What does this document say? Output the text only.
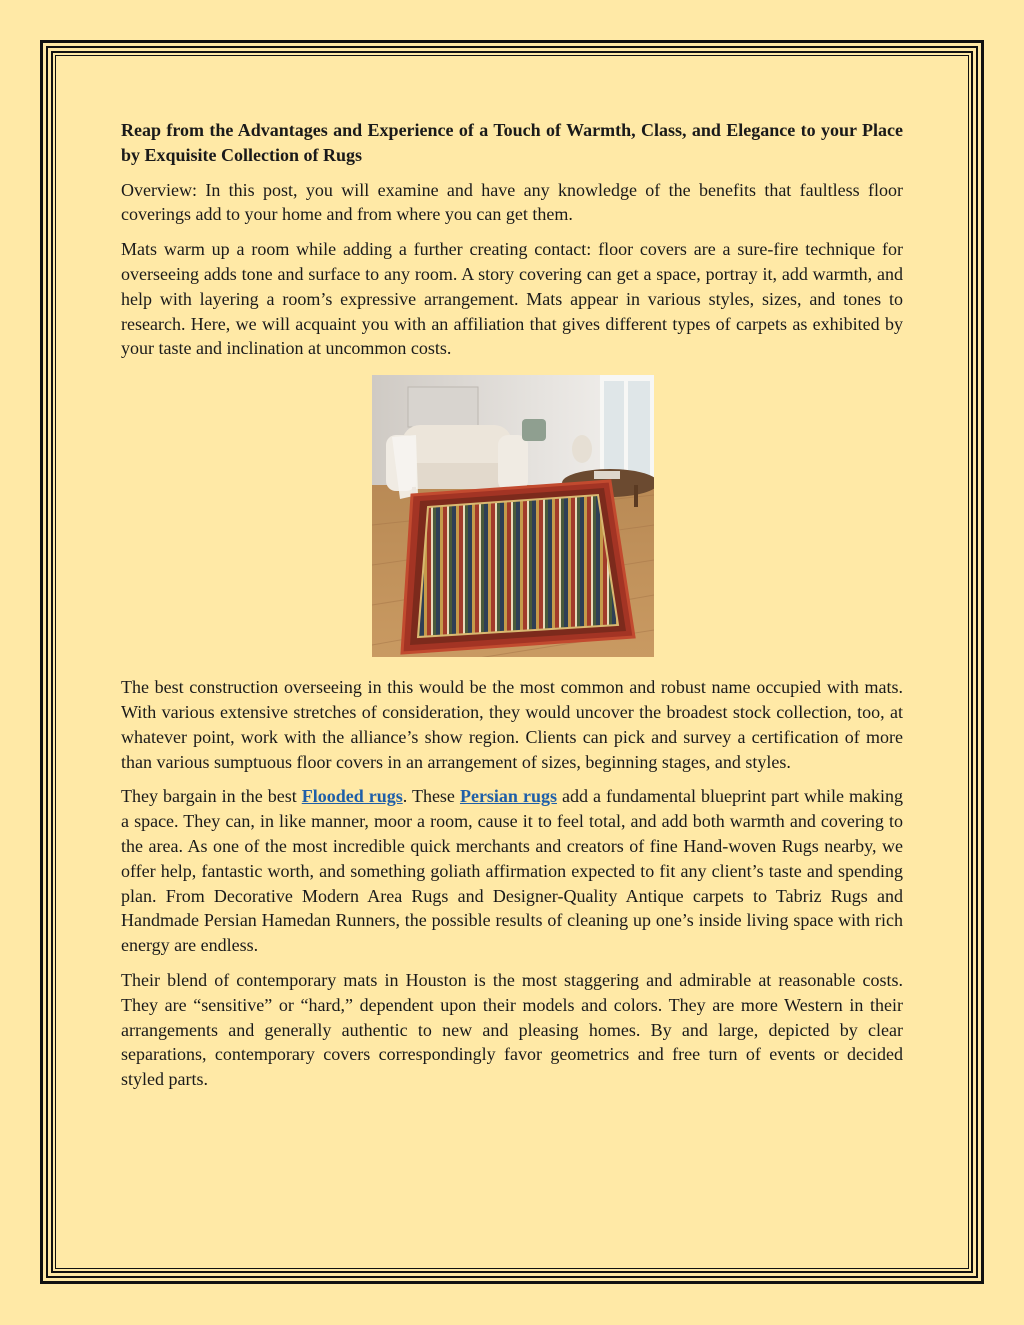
Reap from the Advantages and Experience of a Touch of Warmth, Class, and Elegance to your Place by Exquisite Collection of Rugs

Overview: In this post, you will examine and have any knowledge of the benefits that faultless floor coverings add to your home and from where you can get them.

Mats warm up a room while adding a further creating contact: floor covers are a sure-fire technique for overseeing adds tone and surface to any room. A story covering can get a space, portray it, add warmth, and help with layering a room’s expressive arrangement. Mats appear in various styles, sizes, and tones to research. Here, we will acquaint you with an affiliation that gives different types of carpets as exhibited by your taste and inclination at uncommon costs.

The best construction overseeing in this would be the most common and robust name occupied with mats. With various extensive stretches of consideration, they would uncover the broadest stock collection, too, at whatever point, work with the alliance’s show region. Clients can pick and survey a certification of more than various sumptuous floor covers in an arrangement of sizes, beginning stages, and styles.

They bargain in the best Flooded rugs. These Persian rugs add a fundamental blueprint part while making a space. They can, in like manner, moor a room, cause it to feel total, and add both warmth and covering to the area. As one of the most incredible quick merchants and creators of fine Hand-woven Rugs nearby, we offer help, fantastic worth, and something goliath affirmation expected to fit any client’s taste and spending plan. From Decorative Modern Area Rugs and Designer-Quality Antique carpets to Tabriz Rugs and Handmade Persian Hamedan Runners, the possible results of cleaning up one’s inside living space with rich energy are endless.

Their blend of contemporary mats in Houston is the most staggering and admirable at reasonable costs. They are “sensitive” or “hard,” dependent upon their models and colors. They are more Western in their arrangements and generally authentic to new and pleasing homes. By and large, depicted by clear separations, contemporary covers correspondingly favor geometrics and free turn of events or decided styled parts.
